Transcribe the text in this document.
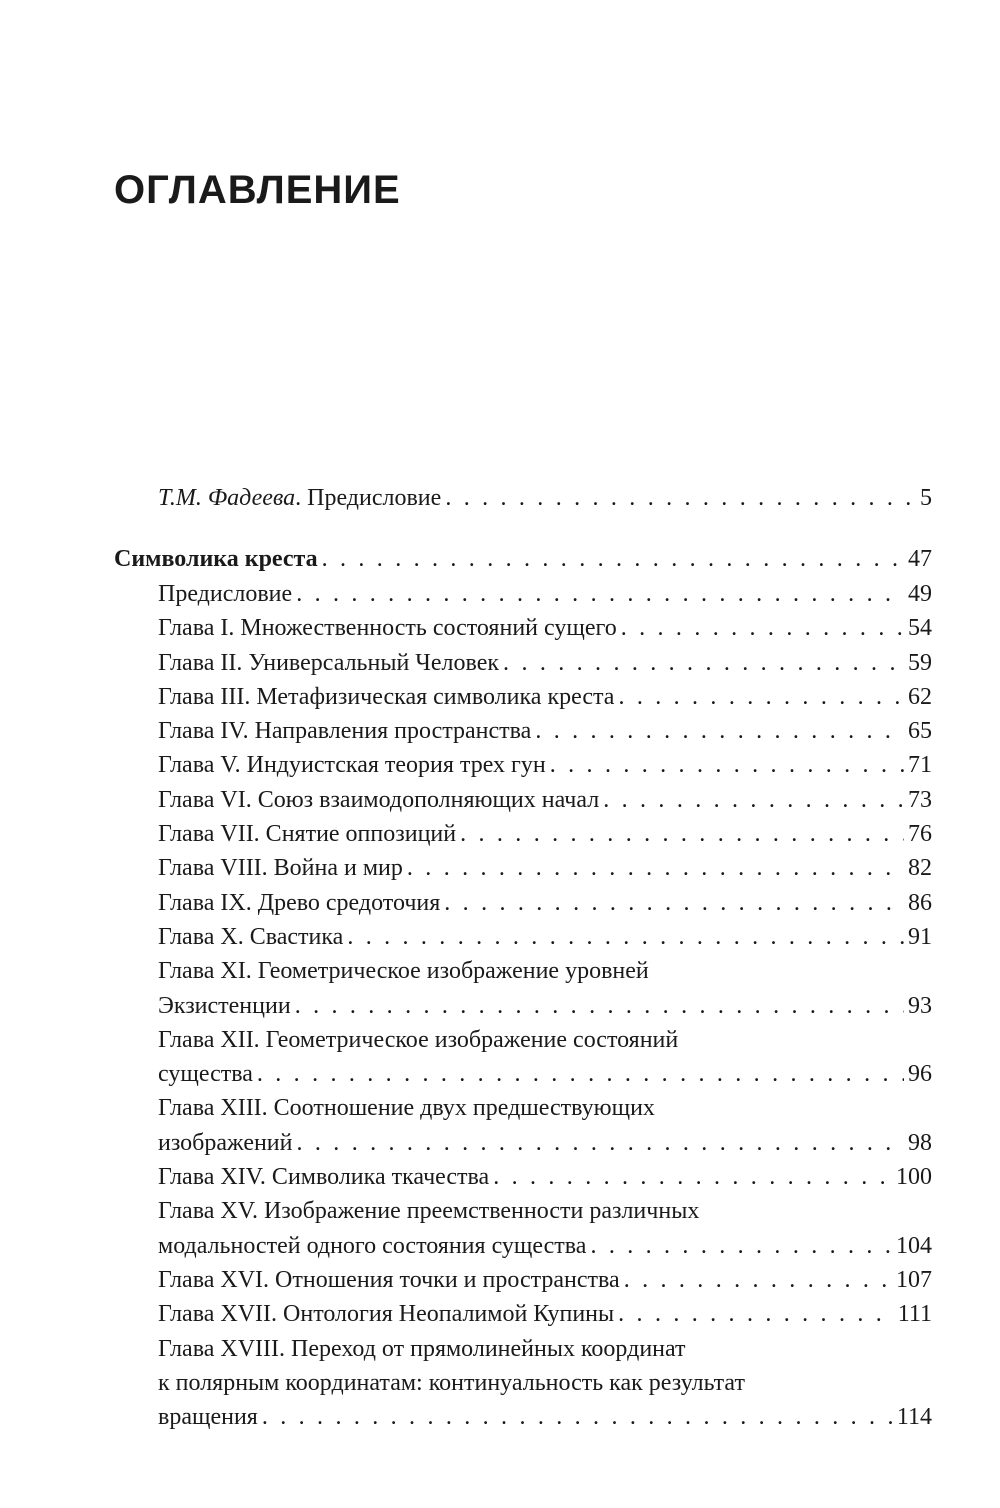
ОГЛАВЛЕНИЕ
Т.М. Фадеева. Предисловие . . .	5
Символика креста . . .	47
Предисловие . . .	49
Глава I. Множественность состояний сущего . . .	54
Глава II. Универсальный Человек . . .	59
Глава III. Метафизическая символика креста . . .	62
Глава IV. Направления пространства . . .	65
Глава V. Индуистская теория трех гун . . .	71
Глава VI. Союз взаимодополняющих начал . . .	73
Глава VII. Снятие оппозиций . . .	76
Глава VIII. Война и мир . . .	82
Глава IX. Древо средоточия . . .	86
Глава X. Свастика . . .	91
Глава XI. Геометрическое изображение уровней
Экзистенции . . .	93
Глава XII. Геометрическое изображение состояний
существа . . .	96
Глава XIII. Соотношение двух предшествующих
изображений . . .	98
Глава XIV. Символика ткачества . . .	100
Глава XV. Изображение преемственности различных
модальностей одного состояния существа . . .	104
Глава XVI. Отношения точки и пространства . . .	107
Глава XVII. Онтология Неопалимой Купины . . .	111
Глава XVIII. Переход от прямолинейных координат
к полярным координатам: континуальность как результат
вращения . . .	114
